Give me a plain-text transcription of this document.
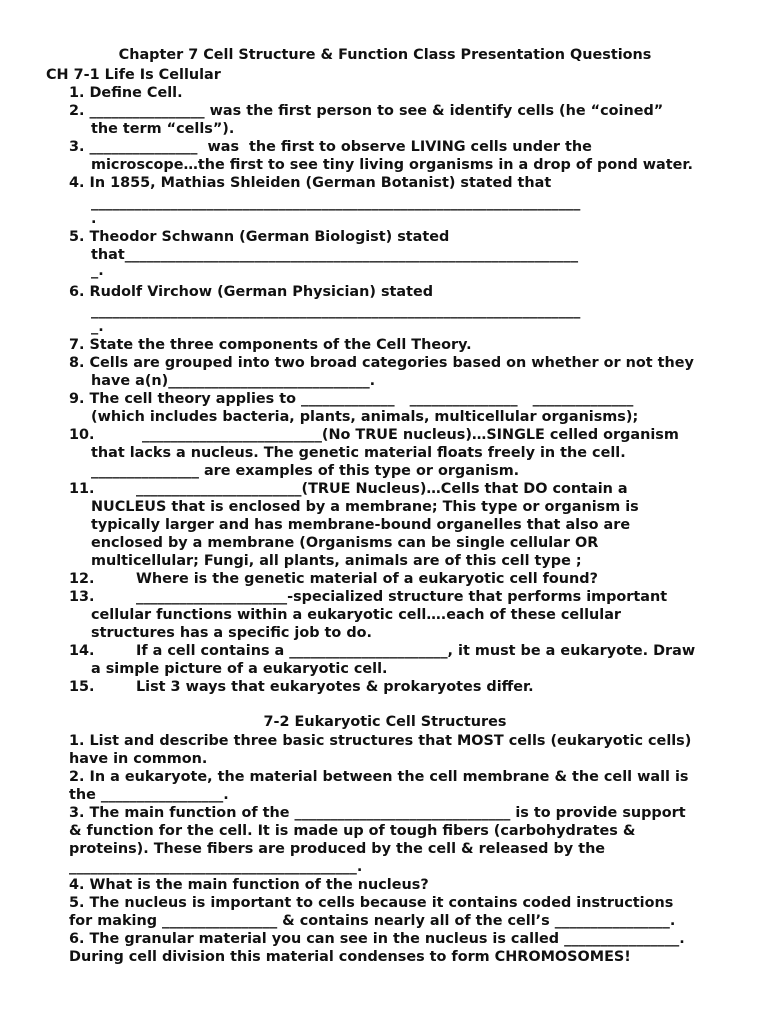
Chapter 7 Cell Structure & Function Class Presentation Questions
CH 7-1 Life Is Cellular
1. Define Cell.
2. ________________ was the first person to see & identify cells (he “coined”
the term “cells”).
3. _______________  was  the first to observe LIVING cells under the
microscope…the first to see tiny living organisms in a drop of pond water.
4. In 1855, Mathias Shleiden (German Botanist) stated that
____________________________________________________________________
.
5. Theodor Schwann (German Biologist) stated
that_______________________________________________________________
_.
6. Rudolf Virchow (German Physician) stated
____________________________________________________________________
_.
7. State the three components of the Cell Theory.
8. Cells are grouped into two broad categories based on whether or not they
have a(n)____________________________.
9. The cell theory applies to _____________   _______________   ______________
(which includes bacteria, plants, animals, multicellular organisms);
10.	_________________________(No TRUE nucleus)…SINGLE celled organism
that lacks a nucleus. The genetic material floats freely in the cell.
_______________ are examples of this type or organism.
11.	_______________________(TRUE Nucleus)…Cells that DO contain a
NUCLEUS that is enclosed by a membrane; This type or organism is
typically larger and has membrane-bound organelles that also are
enclosed by a membrane (Organisms can be single cellular OR
multicellular; Fungi, all plants, animals are of this cell type ;
12.	Where is the genetic material of a eukaryotic cell found?
13.	_____________________-specialized structure that performs important
cellular functions within a eukaryotic cell….each of these cellular
structures has a specific job to do.
14.	If a cell contains a ______________________, it must be a eukaryote. Draw
a simple picture of a eukaryotic cell.
15.	List 3 ways that eukaryotes & prokaryotes differ.
7-2 Eukaryotic Cell Structures
1. List and describe three basic structures that MOST cells (eukaryotic cells)
have in common.
2. In a eukaryote, the material between the cell membrane & the cell wall is
the _________________.
3. The main function of the ______________________________ is to provide support
& function for the cell. It is made up of tough fibers (carbohydrates &
proteins). These fibers are produced by the cell & released by the
________________________________________.
4. What is the main function of the nucleus?
5. The nucleus is important to cells because it contains coded instructions
for making ________________ & contains nearly all of the cell’s ________________.
6. The granular material you can see in the nucleus is called ________________.
During cell division this material condenses to form CHROMOSOMES!
